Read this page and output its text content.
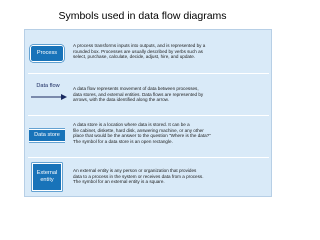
Symbols used in data flow diagrams
Process
A process transforms inputs into outputs, and is represented by a
rounded box. Processes are usually described by verbs such as
select, purchase, calculate, decide, adjust, hire, and update.
Data flow	A data flow represents movement of data between processes,
data stores, and external entities. Data flows are represented by
arrows, with the data identified along the arrow.
Data store
A data store is a location where data is stored. It can be a
file cabinet, diskette, hard disk, answering machine, or any other
place that would be the answer to the question "Where is the data?"
The symbol for a data store is an open rectangle.
External
entity
An external entity is any person or organization that provides
data to a process in the system or receives data from a process.
The symbol for an external entity is a square.
